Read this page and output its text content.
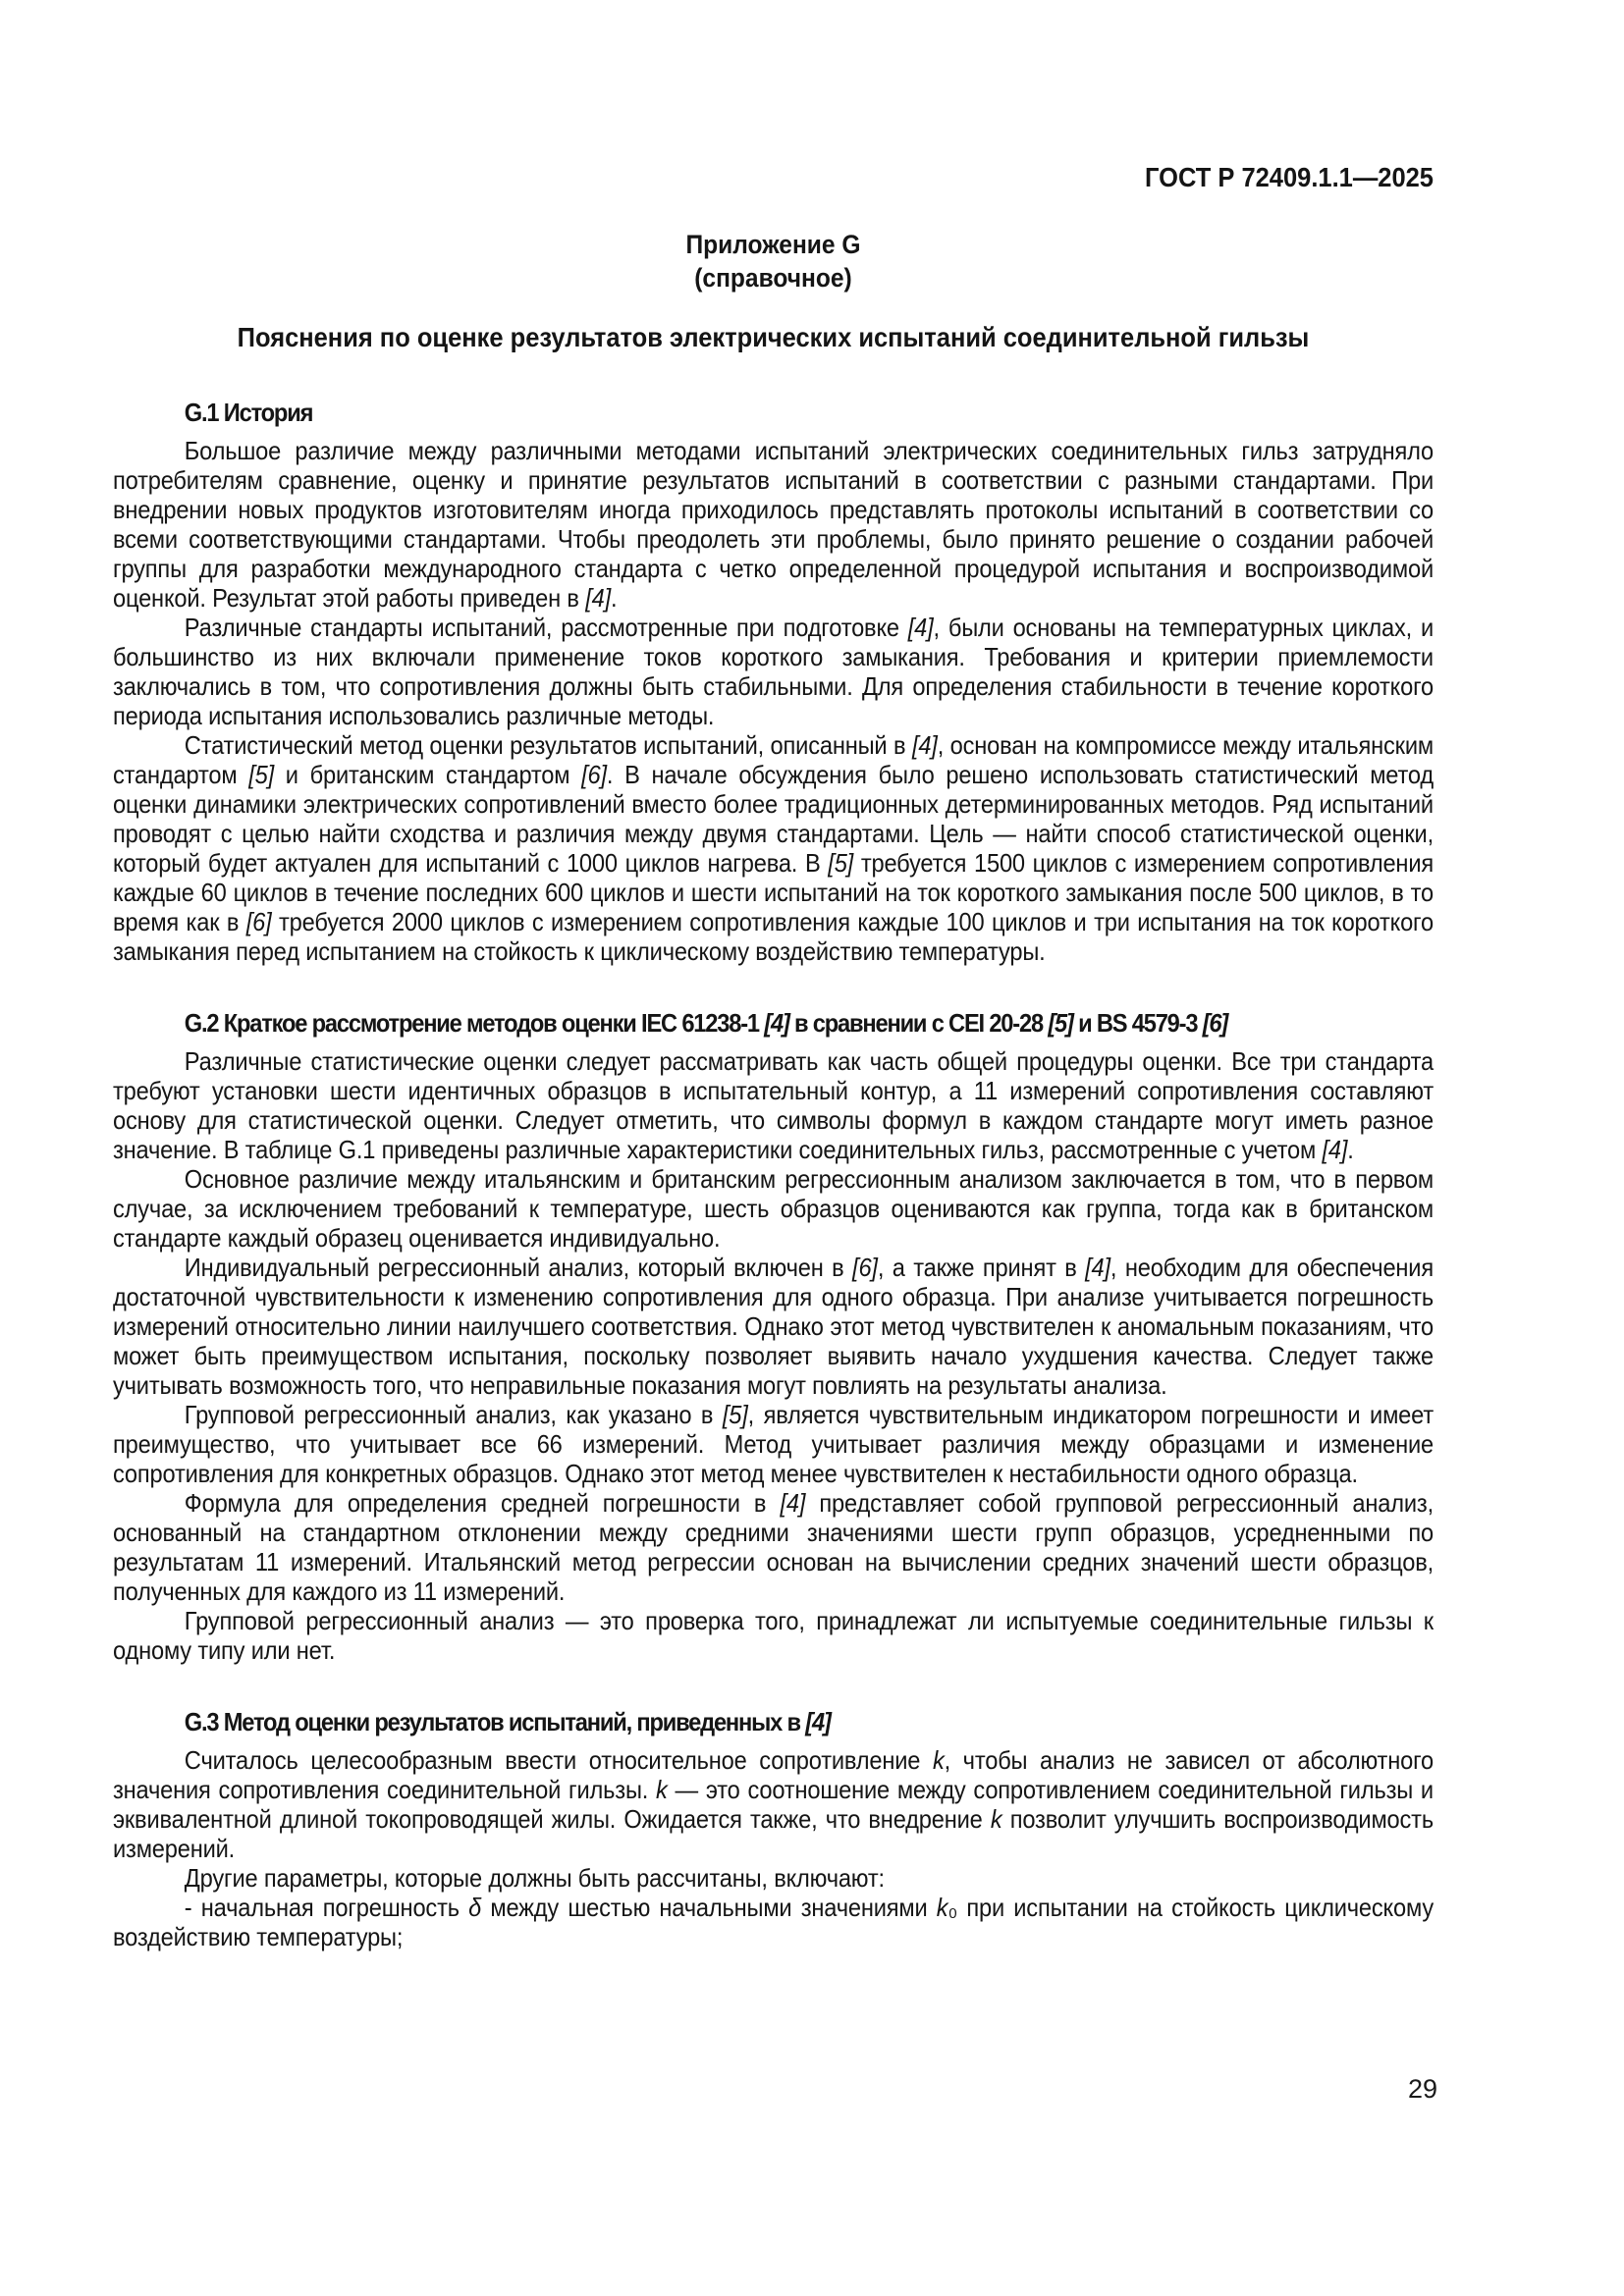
ГОСТ Р 72409.1.1—2025
Приложение G
(справочное)
Пояснения по оценке результатов электрических испытаний соединительной гильзы
G.1 История

Большое различие между различными методами испытаний электрических соединительных гильз затрудняло потребителям сравнение, оценку и принятие результатов испытаний в соответствии с разными стандартами. При внедрении новых продуктов изготовителям иногда приходилось представлять протоколы испытаний в соответствии со всеми соответствующими стандартами. Чтобы преодолеть эти проблемы, было принято решение о создании рабочей группы для разработки международного стандарта с четко определенной процедурой испытания и воспроизводимой оценкой. Результат этой работы приведен в [4].

Различные стандарты испытаний, рассмотренные при подготовке [4], были основаны на температурных циклах, и большинство из них включали применение токов короткого замыкания. Требования и критерии приемлемости заключались в том, что сопротивления должны быть стабильными. Для определения стабильности в течение короткого периода испытания использовались различные методы.

Статистический метод оценки результатов испытаний, описанный в [4], основан на компромиссе между итальянским стандартом [5] и британским стандартом [6]. В начале обсуждения было решено использовать статистический метод оценки динамики электрических сопротивлений вместо более традиционных детерминированных методов. Ряд испытаний проводят с целью найти сходства и различия между двумя стандартами. Цель — найти способ статистической оценки, который будет актуален для испытаний с 1000 циклов нагрева. В [5] требуется 1500 циклов с измерением сопротивления каждые 60 циклов в течение последних 600 циклов и шести испытаний на ток короткого замыкания после 500 циклов, в то время как в [6] требуется 2000 циклов с измерением сопротивления каждые 100 циклов и три испытания на ток короткого замыкания перед испытанием на стойкость к циклическому воздействию температуры.

G.2 Краткое рассмотрение методов оценки IEC 61238-1 [4] в сравнении с CEI 20-28 [5] и BS 4579-3 [6]

Различные статистические оценки следует рассматривать как часть общей процедуры оценки. Все три стандарта требуют установки шести идентичных образцов в испытательный контур, а 11 измерений сопротивления составляют основу для статистической оценки. Следует отметить, что символы формул в каждом стандарте могут иметь разное значение. В таблице G.1 приведены различные характеристики соединительных гильз, рассмотренные с учетом [4].

Основное различие между итальянским и британским регрессионным анализом заключается в том, что в первом случае, за исключением требований к температуре, шесть образцов оцениваются как группа, тогда как в британском стандарте каждый образец оценивается индивидуально.

Индивидуальный регрессионный анализ, который включен в [6], а также принят в [4], необходим для обеспечения достаточной чувствительности к изменению сопротивления для одного образца. При анализе учитывается погрешность измерений относительно линии наилучшего соответствия. Однако этот метод чувствителен к аномальным показаниям, что может быть преимуществом испытания, поскольку позволяет выявить начало ухудшения качества. Следует также учитывать возможность того, что неправильные показания могут повлиять на результаты анализа.

Групповой регрессионный анализ, как указано в [5], является чувствительным индикатором погрешности и имеет преимущество, что учитывает все 66 измерений. Метод учитывает различия между образцами и изменение сопротивления для конкретных образцов. Однако этот метод менее чувствителен к нестабильности одного образца.

Формула для определения средней погрешности в [4] представляет собой групповой регрессионный анализ, основанный на стандартном отклонении между средними значениями шести групп образцов, усредненными по результатам 11 измерений. Итальянский метод регрессии основан на вычислении средних значений шести образцов, полученных для каждого из 11 измерений.

Групповой регрессионный анализ — это проверка того, принадлежат ли испытуемые соединительные гильзы к одному типу или нет.

G.3 Метод оценки результатов испытаний, приведенных в [4]

Считалось целесообразным ввести относительное сопротивление k, чтобы анализ не зависел от абсолютного значения сопротивления соединительной гильзы. k — это соотношение между сопротивлением соединительной гильзы и эквивалентной длиной токопроводящей жилы. Ожидается также, что внедрение k позволит улучшить воспроизводимость измерений.

Другие параметры, которые должны быть рассчитаны, включают:

- начальная погрешность δ между шестью начальными значениями k₀ при испытании на стойкость циклическому воздействию температуры;

29
